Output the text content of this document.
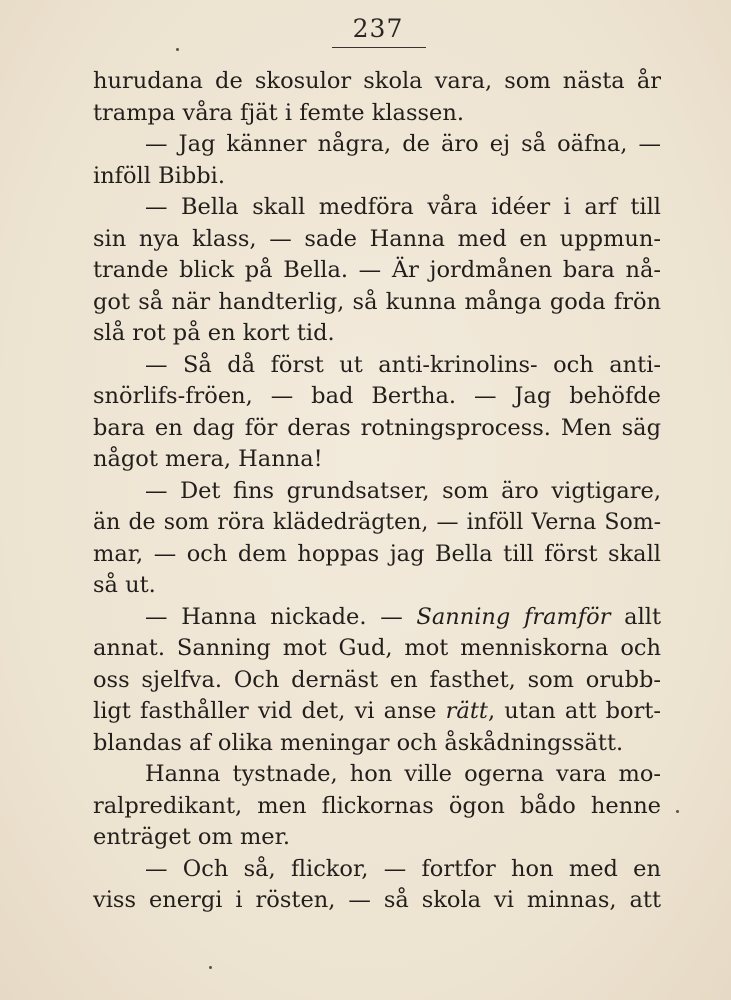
237
hurudana de skosulor skola vara, som nästa år
trampa våra fjät i femte klassen.
— Jag känner några, de äro ej så oäfna, —
inföll Bibbi.
— Bella skall medföra våra idéer i arf till
sin nya klass, — sade Hanna med en uppmun-
trande blick på Bella. — Är jordmånen bara nå-
got så när handterlig, så kunna många goda frön
slå rot på en kort tid.
— Så då först ut anti-krinolins- och anti-
snörlifs-fröen, — bad Bertha. — Jag behöfde
bara en dag för deras rotningsprocess. Men säg
något mera, Hanna!
— Det fins grundsatser, som äro vigtigare,
än de som röra klädedrägten, — inföll Verna Som-
mar, — och dem hoppas jag Bella till först skall
så ut.
— Hanna nickade. — Sanning framför allt
annat. Sanning mot Gud, mot menniskorna och
oss sjelfva. Och dernäst en fasthet, som orubb-
ligt fasthåller vid det, vi anse rätt, utan att bort-
blandas af olika meningar och åskådningssätt.
Hanna tystnade, hon ville ogerna vara mo-
ralpredikant, men flickornas ögon bådo henne
enträget om mer.
— Och så, flickor, — fortfor hon med en
viss energi i rösten, — så skola vi minnas, att
